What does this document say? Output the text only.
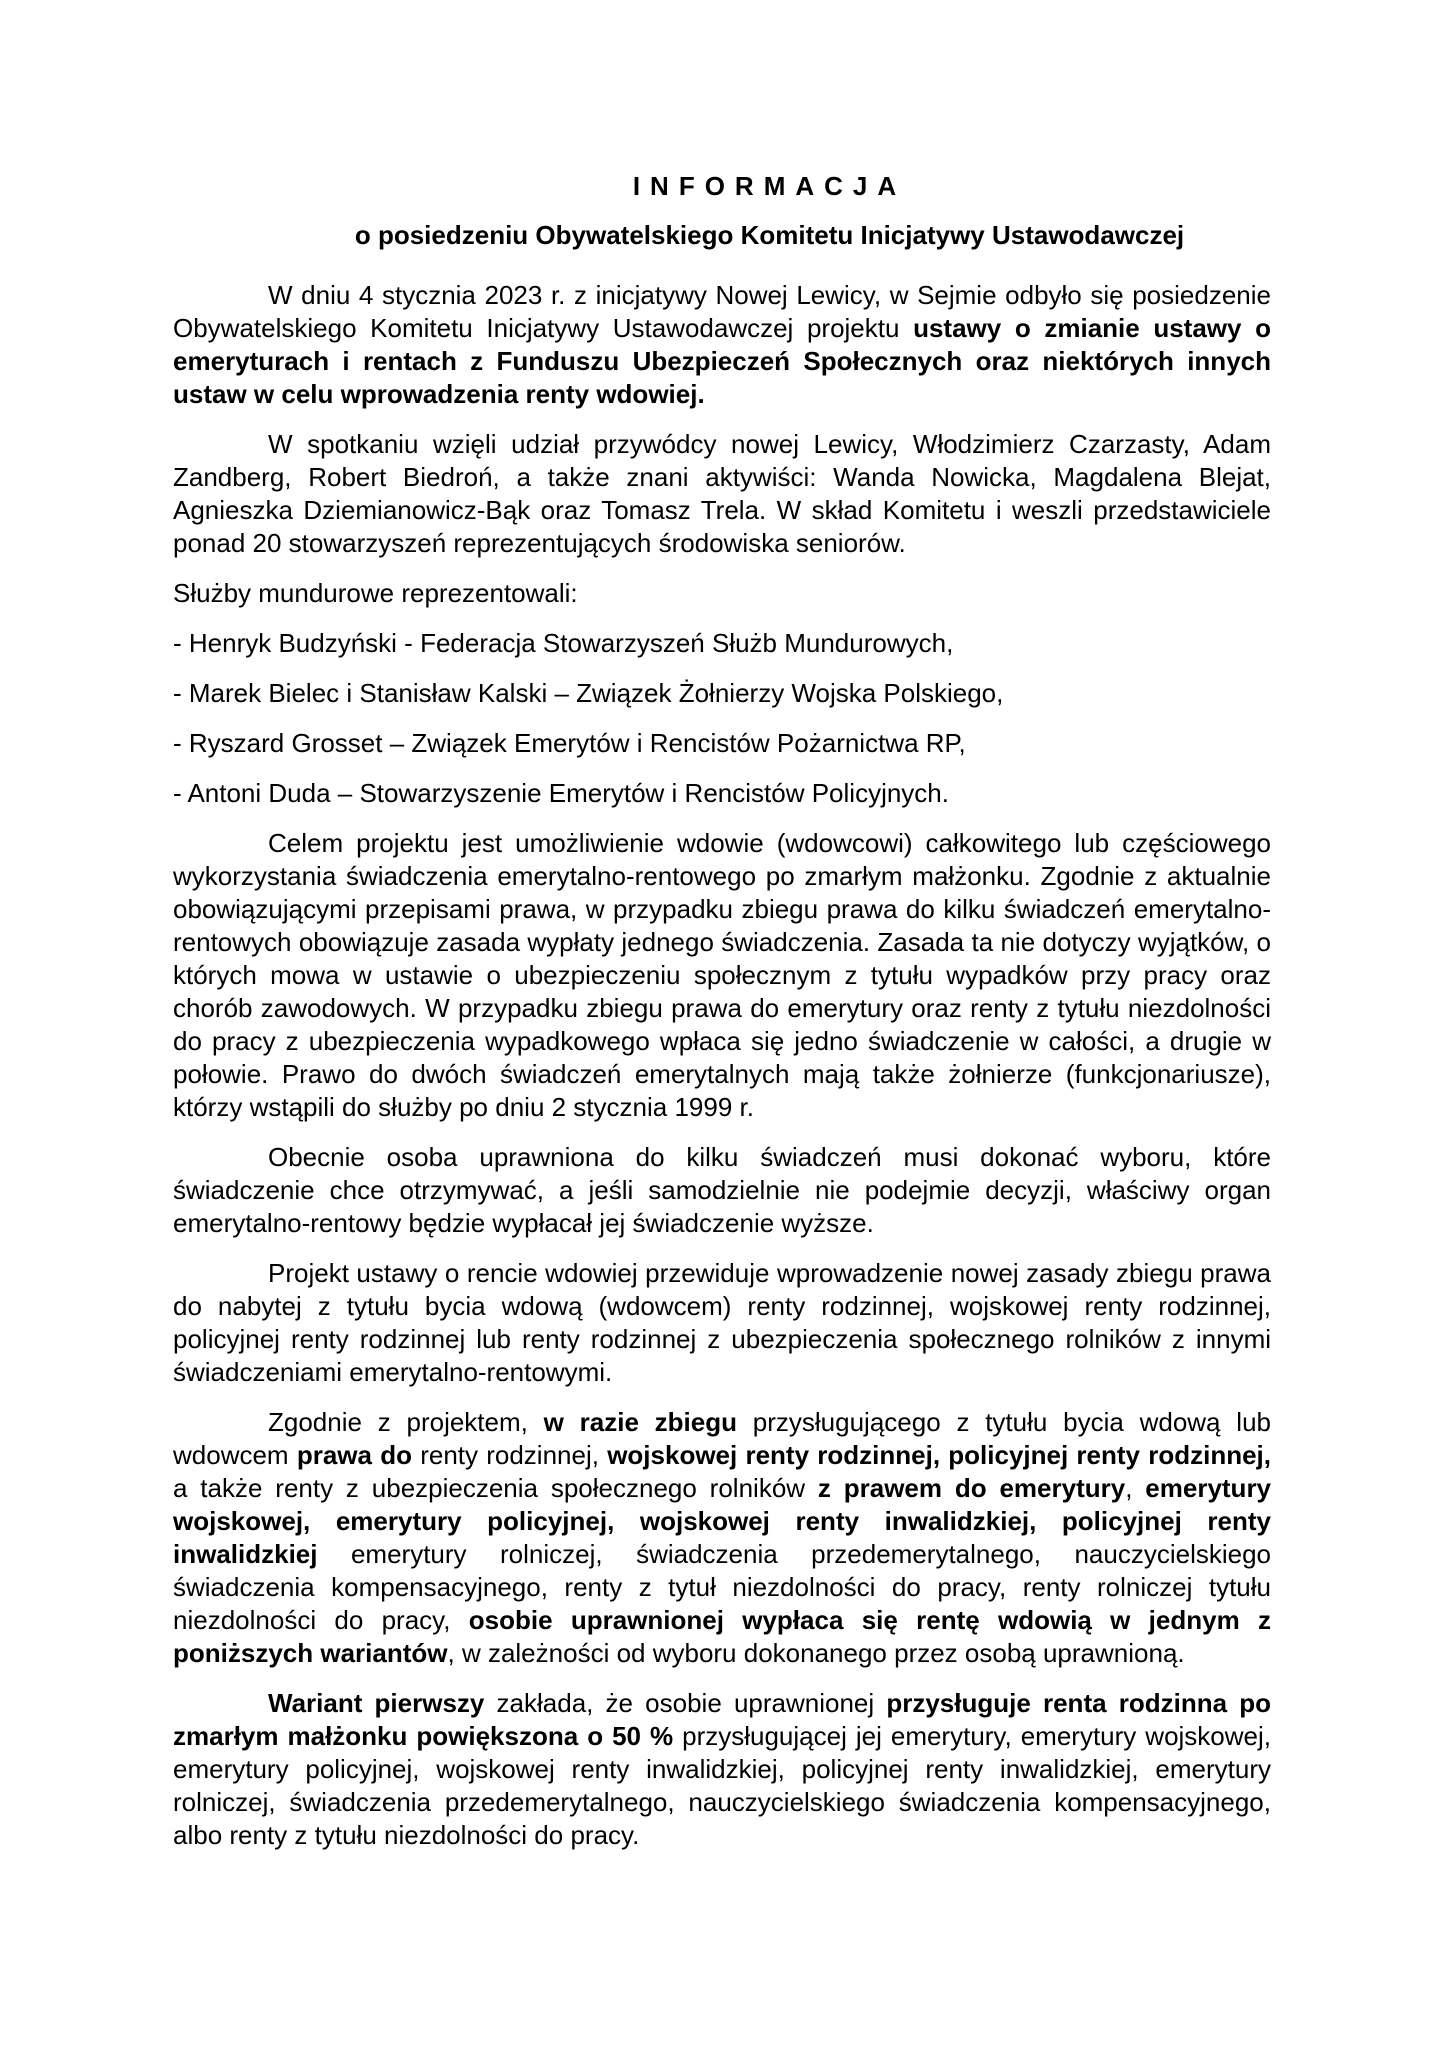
INFORMACJA
o posiedzeniu Obywatelskiego Komitetu Inicjatywy Ustawodawczej

W dniu 4 stycznia 2023 r. z inicjatywy Nowej Lewicy, w Sejmie odbyło się posiedzenie Obywatelskiego Komitetu Inicjatywy Ustawodawczej projektu ustawy o zmianie ustawy o emeryturach i rentach z Funduszu Ubezpieczeń Społecznych oraz niektórych innych ustaw w celu wprowadzenia renty wdowiej.

W spotkaniu wzięli udział przywódcy nowej Lewicy, Włodzimierz Czarzasty, Adam Zandberg, Robert Biedroń, a także znani aktywiści: Wanda Nowicka, Magdalena Blejat, Agnieszka Dziemianowicz-Bąk oraz Tomasz Trela. W skład Komitetu i weszli przedstawiciele ponad 20 stowarzyszeń reprezentujących środowiska seniorów.

Służby mundurowe reprezentowali:

- Henryk Budzyński - Federacja Stowarzyszeń Służb Mundurowych,

- Marek Bielec i Stanisław Kalski – Związek Żołnierzy Wojska Polskiego,

- Ryszard Grosset – Związek Emerytów i Rencistów Pożarnictwa RP,

- Antoni Duda – Stowarzyszenie Emerytów i Rencistów Policyjnych.

Celem projektu jest umożliwienie wdowie (wdowcowi) całkowitego lub częściowego wykorzystania świadczenia emerytalno-rentowego po zmarłym małżonku. Zgodnie z aktualnie obowiązującymi przepisami prawa, w przypadku zbiegu prawa do kilku świadczeń emerytalno-rentowych obowiązuje zasada wypłaty jednego świadczenia. Zasada ta nie dotyczy wyjątków, o których mowa w ustawie o ubezpieczeniu społecznym z tytułu wypadków przy pracy oraz chorób zawodowych. W przypadku zbiegu prawa do emerytury oraz renty z tytułu niezdolności do pracy z ubezpieczenia wypadkowego wpłaca się jedno świadczenie w całości, a drugie w połowie. Prawo do dwóch świadczeń emerytalnych mają także żołnierze (funkcjonariusze), którzy wstąpili do służby po dniu 2 stycznia 1999 r.

Obecnie osoba uprawniona do kilku świadczeń musi dokonać wyboru, które świadczenie chce otrzymywać, a jeśli samodzielnie nie podejmie decyzji, właściwy organ emerytalno-rentowy będzie wypłacał jej świadczenie wyższe.

Projekt ustawy o rencie wdowiej przewiduje wprowadzenie nowej zasady zbiegu prawa do nabytej z tytułu bycia wdową (wdowcem) renty rodzinnej, wojskowej renty rodzinnej, policyjnej renty rodzinnej lub renty rodzinnej z ubezpieczenia społecznego rolników z innymi świadczeniami emerytalno-rentowymi.

Zgodnie z projektem, w razie zbiegu przysługującego z tytułu bycia wdową lub wdowcem prawa do renty rodzinnej, wojskowej renty rodzinnej, policyjnej renty rodzinnej, a także renty z ubezpieczenia społecznego rolników z prawem do emerytury, emerytury wojskowej, emerytury policyjnej, wojskowej renty inwalidzkiej, policyjnej renty inwalidzkiej emerytury rolniczej, świadczenia przedemerytalnego, nauczycielskiego świadczenia kompensacyjnego, renty z tytuł niezdolności do pracy, renty rolniczej tytułu niezdolności do pracy, osobie uprawnionej wypłaca się rentę wdowią w jednym z poniższych wariantów, w zależności od wyboru dokonanego przez osobą uprawnioną.

Wariant pierwszy zakłada, że osobie uprawnionej przysługuje renta rodzinna po zmarłym małżonku powiększona o 50 % przysługującej jej emerytury, emerytury wojskowej, emerytury policyjnej, wojskowej renty inwalidzkiej, policyjnej renty inwalidzkiej, emerytury rolniczej, świadczenia przedemerytalnego, nauczycielskiego świadczenia kompensacyjnego, albo renty z tytułu niezdolności do pracy.
